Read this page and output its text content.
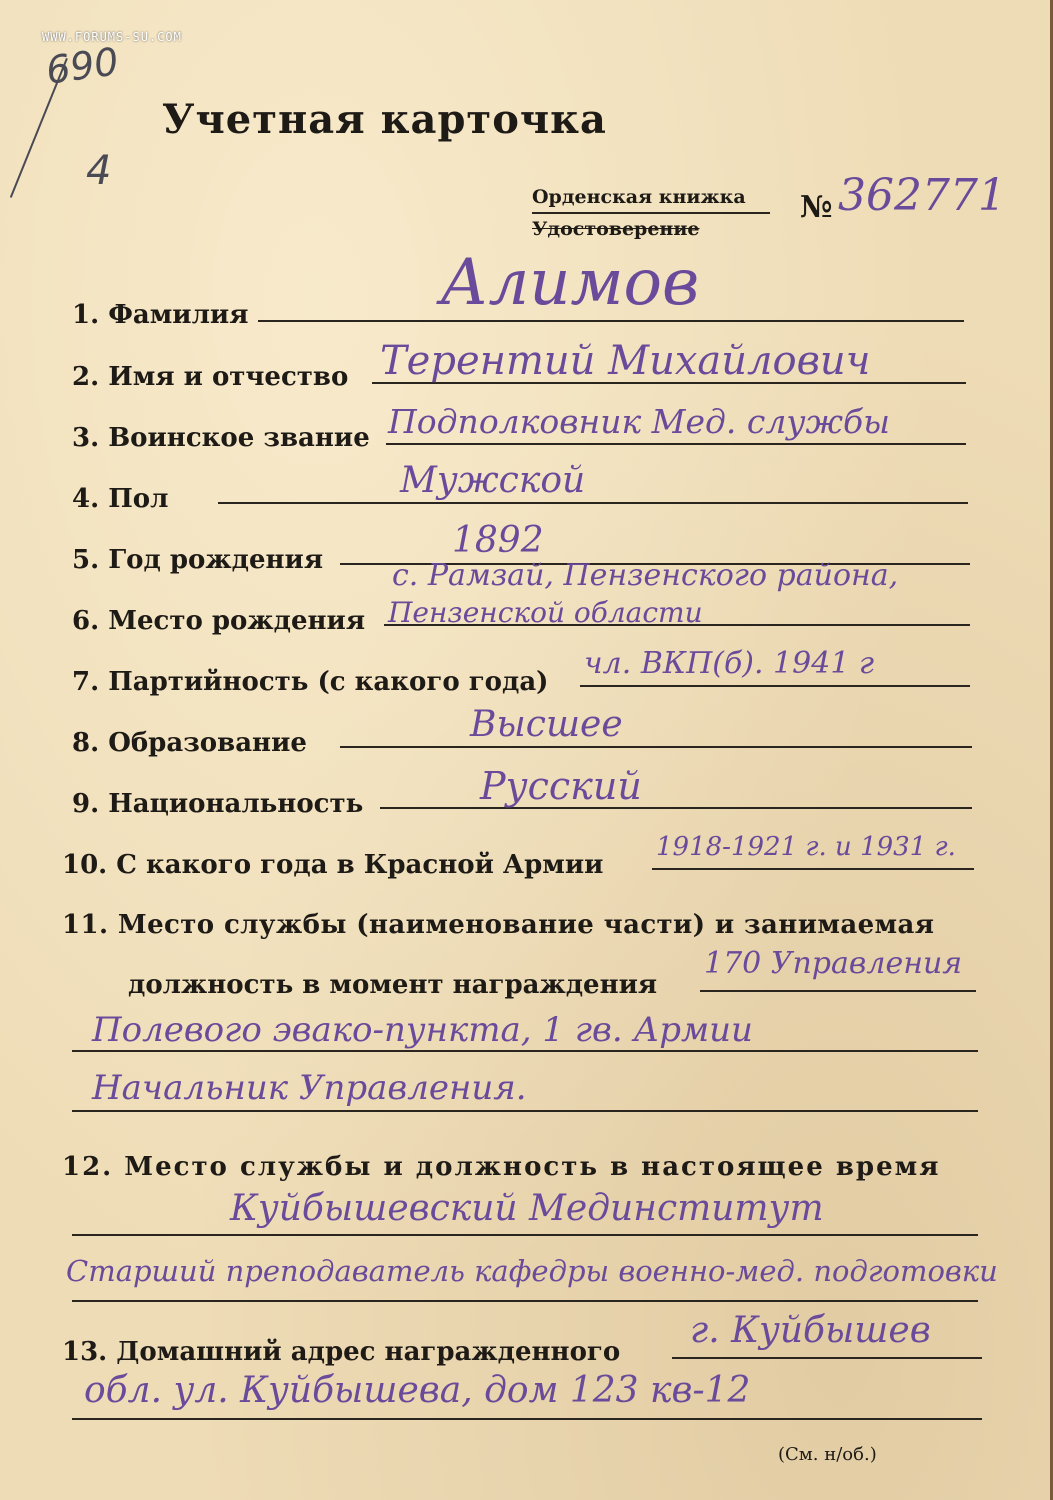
WWW.FORUMS-SU.COM
690
4
Учетная карточка
Орденская книжка
Удостоверение
№ 362771
1. Фамилия	Алимов
2. Имя и отчество Терентий Михайлович
3. Воинское звание Подполковник Мед. службы
4. Пол	Мужской
5. Год рождения	1892
6. Место рождения
с. Рамзай, Пензенского района,
Пензенской области
7. Партийность (с какого года)
чл. ВКП(б). 1941 г
8. Образование	Высшее
9. Национальность	Русский
10. С какого года в Красной Армии
1918-1921 г. и 1931 г.
11. Место службы (наименование части) и занимаемая
должность в момент награждения
170 Управления
Полевого эвако-пункта, 1 гв. Армии
Начальник Управления.
12. Место службы и должность в настоящее время
Куйбышевский Мединститут
Старший преподаватель кафедры военно-мед. подготовки
13. Домашний адрес награжденного
г. Куйбышев
обл. ул. Куйбышева, дом 123 кв-12
(См. н/об.)
